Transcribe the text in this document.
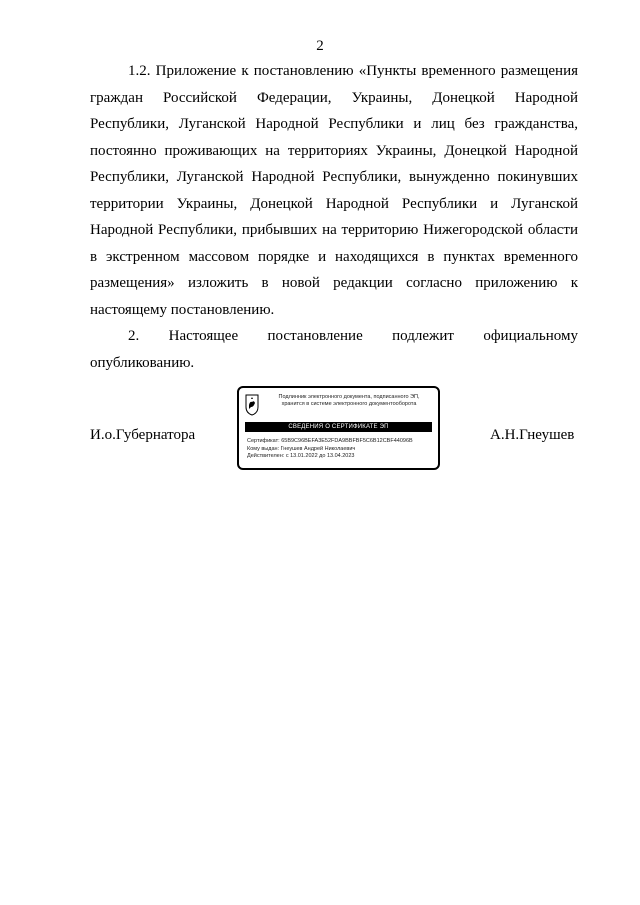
2

1.2. Приложение к постановлению «Пункты временного размещения граждан Российской Федерации, Украины, Донецкой Народной Республики, Луганской Народной Республики и лиц без гражданства, постоянно проживающих на территориях Украины, Донецкой Народной Республики, Луганской Народной Республики, вынужденно покинувших территории Украины, Донецкой Народной Республики и Луганской Народной Республики, прибывших на территорию Нижегородской области в экстренном массовом порядке и находящихся в пунктах временного размещения» изложить в новой редакции согласно приложению к настоящему постановлению.

2. Настоящее постановление подлежит официальному опубликованию.

И.о.Губернатора	А.Н.Гнеушев
Подлинник электронного документа, подписанного ЭП,
хранится в системе электронного документооборота
СВЕДЕНИЯ О СЕРТИФИКАТЕ ЭП
Сертификат: 65B9C96BEFA3E52FDA9BBFBF5C6B12CBF44096B
Кому выдан: Гнеушев Андрей Николаевич
Действителен: с 13.01.2022 до 13.04.2023
